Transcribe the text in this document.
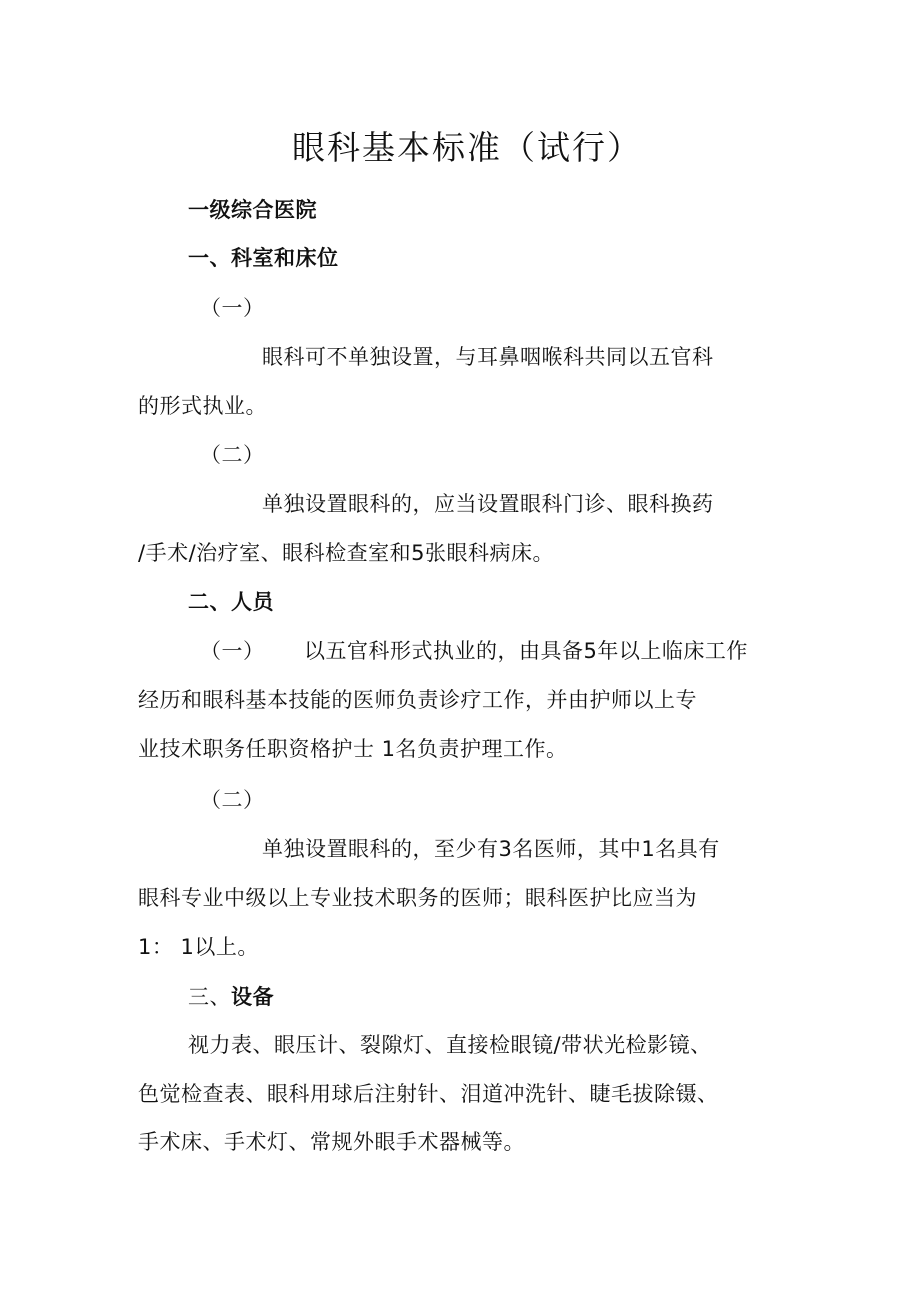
眼科基本标准（试行）
一级综合医院
一、科室和床位
（一）
眼科可不单独设置，与耳鼻咽喉科共同以五官科
的形式执业。
（二）
单独设置眼科的，应当设置眼科门诊、眼科换药
/手术/治疗室、眼科检查室和5张眼科病床。
二、人员
（一） 以五官科形式执业的，由具备5年以上临床工作
经历和眼科基本技能的医师负责诊疗工作，并由护师以上专
业技术职务任职资格护士 1名负责护理工作。
（二）
单独设置眼科的，至少有3名医师，其中1名具有
眼科专业中级以上专业技术职务的医师；眼科医护比应当为
1： 1以上。
三、设备
视力表、眼压计、裂隙灯、直接检眼镜/带状光检影镜、
色觉检查表、眼科用球后注射针、泪道冲洗针、睫毛拔除镊、
手术床、手术灯、常规外眼手术器械等。
